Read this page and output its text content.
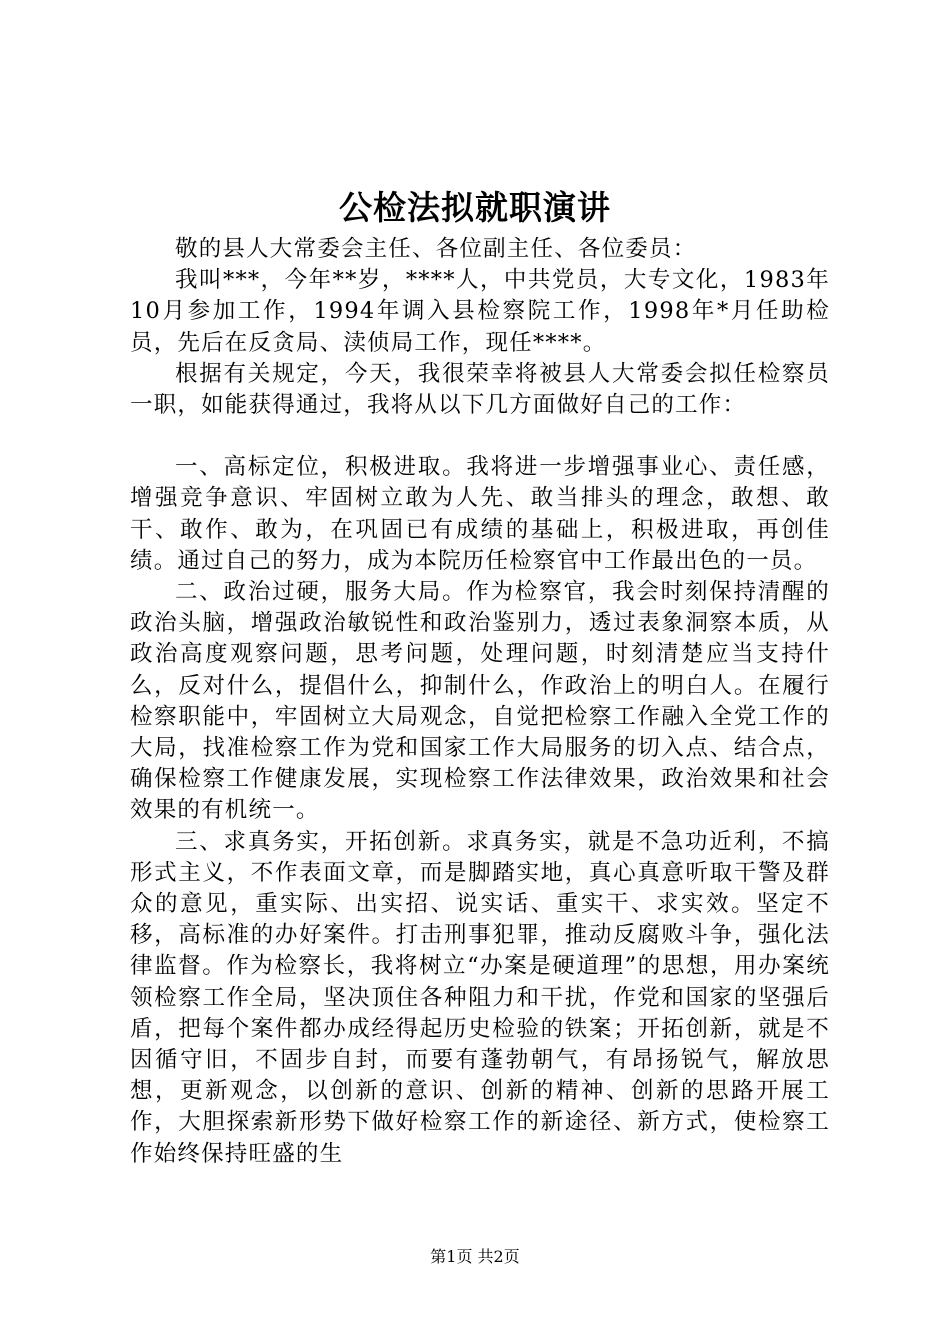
公检法拟就职演讲

敬的县人大常委会主任、各位副主任、各位委员：

我叫***，今年**岁，****人，中共党员，大专文化，1983年10月参加工作，1994年调入县检察院工作，1998年*月任助检员，先后在反贪局、渎侦局工作，现任****。

根据有关规定，今天，我很荣幸将被县人大常委会拟任检察员一职，如能获得通过，我将从以下几方面做好自己的工作：

一、高标定位，积极进取。我将进一步增强事业心、责任感，增强竞争意识、牢固树立敢为人先、敢当排头的理念，敢想、敢干、敢作、敢为，在巩固已有成绩的基础上，积极进取，再创佳绩。通过自己的努力，成为本院历任检察官中工作最出色的一员。

二、政治过硬，服务大局。作为检察官，我会时刻保持清醒的政治头脑，增强政治敏锐性和政治鉴别力，透过表象洞察本质，从政治高度观察问题，思考问题，处理问题，时刻清楚应当支持什么，反对什么，提倡什么，抑制什么，作政治上的明白人。在履行检察职能中，牢固树立大局观念，自觉把检察工作融入全党工作的大局，找准检察工作为党和国家工作大局服务的切入点、结合点，确保检察工作健康发展，实现检察工作法律效果，政治效果和社会效果的有机统一。

三、求真务实，开拓创新。求真务实，就是不急功近利，不搞形式主义，不作表面文章，而是脚踏实地，真心真意听取干警及群众的意见，重实际、出实招、说实话、重实干、求实效。坚定不移，高标准的办好案件。打击刑事犯罪，推动反腐败斗争，强化法律监督。作为检察长，我将树立“办案是硬道理”的思想，用办案统领检察工作全局，坚决顶住各种阻力和干扰，作党和国家的坚强后盾，把每个案件都办成经得起历史检验的铁案；开拓创新，就是不因循守旧，不固步自封，而要有蓬勃朝气，有昂扬锐气，解放思想，更新观念，以创新的意识、创新的精神、创新的思路开展工作，大胆探索新形势下做好检察工作的新途径、新方式，使检察工作始终保持旺盛的生

第1页 共2页
